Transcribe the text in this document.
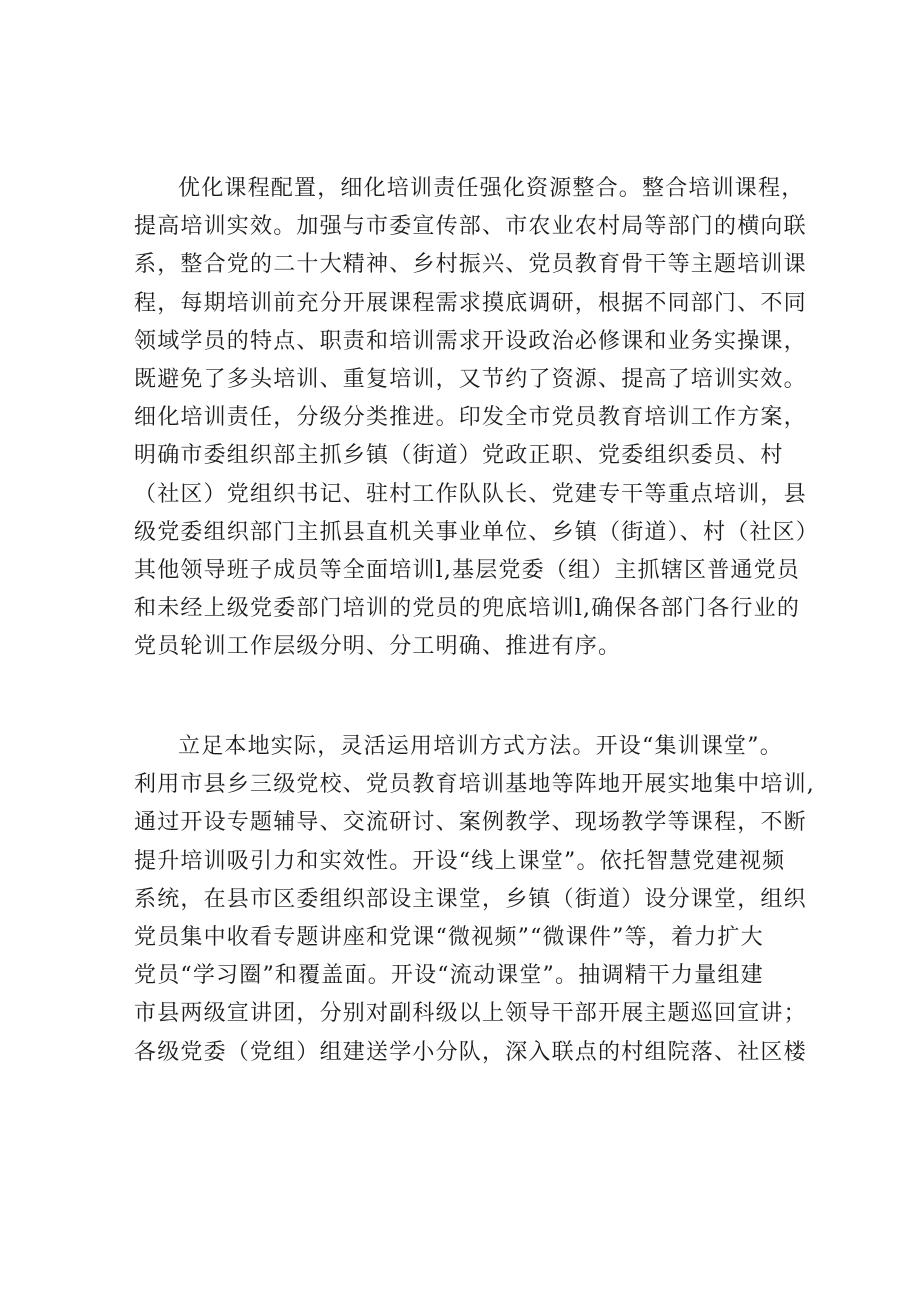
优化课程配置，细化培训责任强化资源整合。整合培训课程，
提高培训实效。加强与市委宣传部、市农业农村局等部门的横向联
系，整合党的二十大精神、乡村振兴、党员教育骨干等主题培训课
程，每期培训前充分开展课程需求摸底调研，根据不同部门、不同
领域学员的特点、职责和培训需求开设政治必修课和业务实操课，
既避免了多头培训、重复培训，又节约了资源、提高了培训实效。
细化培训责任，分级分类推进。印发全市党员教育培训工作方案，
明确市委组织部主抓乡镇（街道）党政正职、党委组织委员、村
（社区）党组织书记、驻村工作队队长、党建专干等重点培训，县
级党委组织部门主抓县直机关事业单位、乡镇（街道）、村（社区）
其他领导班子成员等全面培训l,基层党委（组）主抓辖区普通党员
和未经上级党委部门培训的党员的兜底培训l,确保各部门各行业的
党员轮训工作层级分明、分工明确、推进有序。
立足本地实际，灵活运用培训方式方法。开设“集训课堂”。
利用市县乡三级党校、党员教育培训基地等阵地开展实地集中培训,
通过开设专题辅导、交流研讨、案例教学、现场教学等课程，不断
提升培训吸引力和实效性。开设“线上课堂”。依托智慧党建视频
系统，在县市区委组织部设主课堂，乡镇（街道）设分课堂，组织
党员集中收看专题讲座和党课“微视频”“微课件”等，着力扩大
党员“学习圈”和覆盖面。开设“流动课堂”。抽调精干力量组建
市县两级宣讲团，分别对副科级以上领导干部开展主题巡回宣讲；
各级党委（党组）组建送学小分队，深入联点的村组院落、社区楼
